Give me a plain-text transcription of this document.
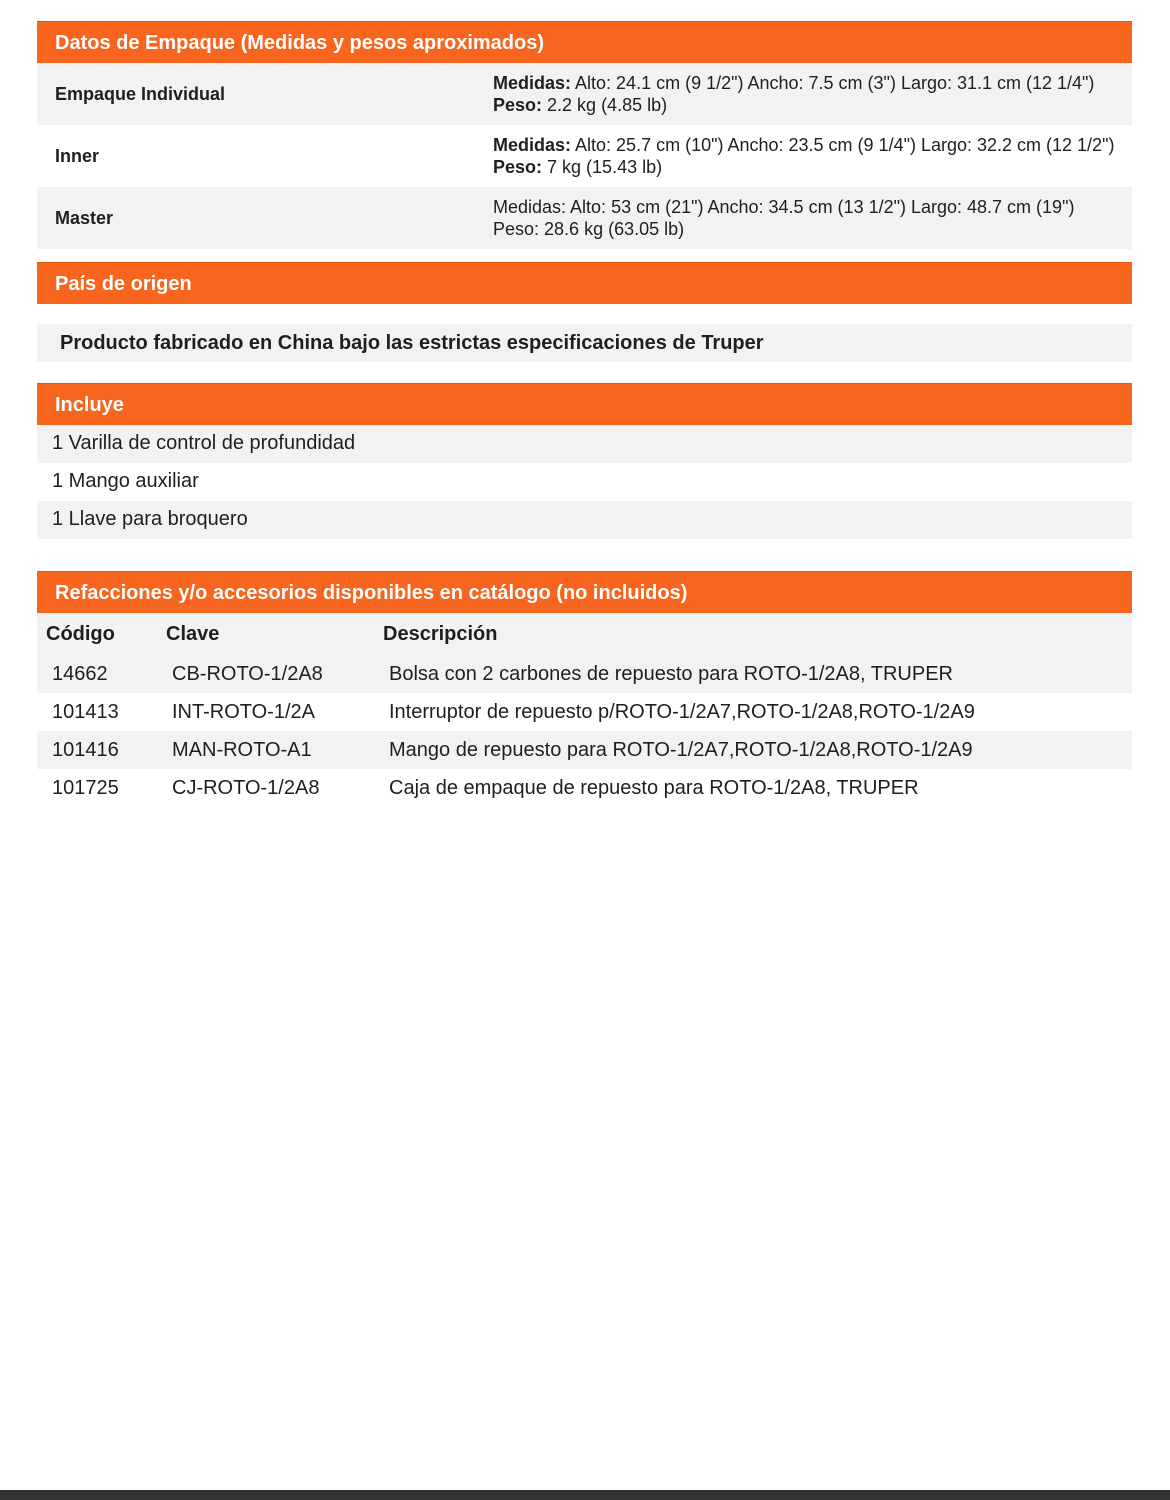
Datos de Empaque (Medidas y pesos aproximados)
Empaque Individual
Medidas: Alto: 24.1 cm (9 1/2") Ancho: 7.5 cm (3") Largo: 31.1 cm (12 1/4") Peso: 2.2 kg (4.85 lb)
Inner
Medidas: Alto: 25.7 cm (10") Ancho: 23.5 cm (9 1/4") Largo: 32.2 cm (12 1/2") Peso: 7 kg (15.43 lb)
Master
Medidas: Alto: 53 cm (21") Ancho: 34.5 cm (13 1/2") Largo: 48.7 cm (19") Peso: 28.6 kg (63.05 lb)
País de origen
Producto fabricado en China bajo las estrictas especificaciones de Truper
Incluye
1 Varilla de control de profundidad
1 Mango auxiliar
1 Llave para broquero
Refacciones y/o accesorios disponibles en catálogo (no incluidos)
Código	Clave	Descripción
14662	CB-ROTO-1/2A8	Bolsa con 2 carbones de repuesto para ROTO-1/2A8, TRUPER
101413	INT-ROTO-1/2A	Interruptor de repuesto p/ROTO-1/2A7,ROTO-1/2A8,ROTO-1/2A9
101416	MAN-ROTO-A1	Mango de repuesto para ROTO-1/2A7,ROTO-1/2A8,ROTO-1/2A9
101725	CJ-ROTO-1/2A8	Caja de empaque de repuesto para ROTO-1/2A8, TRUPER
